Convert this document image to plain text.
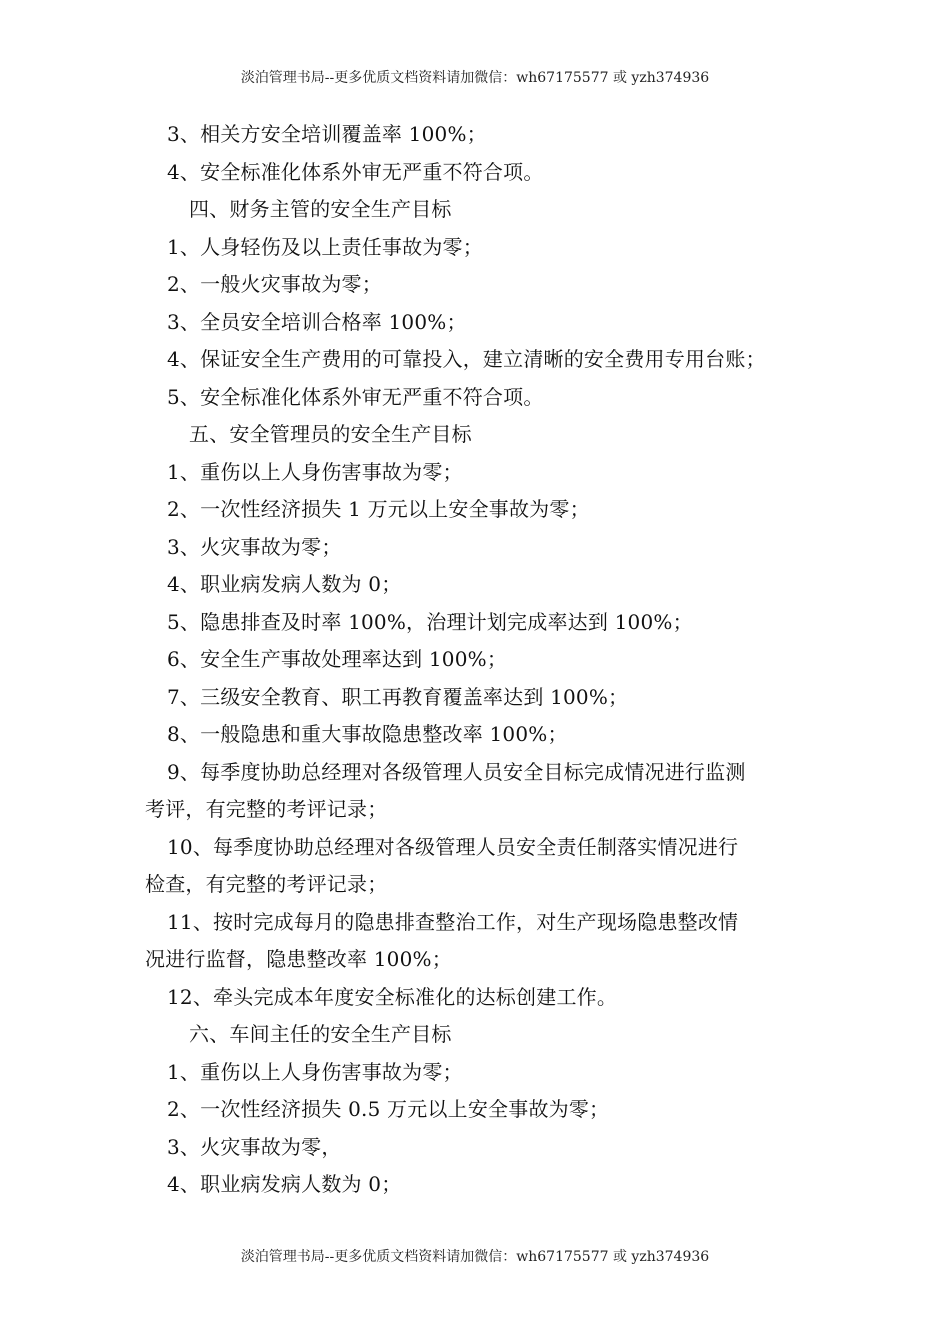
淡泊管理书局--更多优质文档资料请加微信：wh67175577 或 yzh374936
3、相关方安全培训覆盖率 100%；
4、安全标准化体系外审无严重不符合项。
四、财务主管的安全生产目标
1、人身轻伤及以上责任事故为零；
2、一般火灾事故为零；
3、全员安全培训合格率 100%；
4、保证安全生产费用的可靠投入，建立清晰的安全费用专用台账；
5、安全标准化体系外审无严重不符合项。
五、安全管理员的安全生产目标
1、重伤以上人身伤害事故为零；
2、一次性经济损失 1 万元以上安全事故为零；
3、火灾事故为零；
4、职业病发病人数为 0；
5、隐患排查及时率 100%，治理计划完成率达到 100%；
6、安全生产事故处理率达到 100%；
7、三级安全教育、职工再教育覆盖率达到 100%；
8、一般隐患和重大事故隐患整改率 100%；
9、每季度协助总经理对各级管理人员安全目标完成情况进行监测
考评，有完整的考评记录；
10、每季度协助总经理对各级管理人员安全责任制落实情况进行
检查，有完整的考评记录；
11、按时完成每月的隐患排查整治工作，对生产现场隐患整改情
况进行监督，隐患整改率 100%；
12、牵头完成本年度安全标准化的达标创建工作。
六、车间主任的安全生产目标
1、重伤以上人身伤害事故为零；
2、一次性经济损失 0.5 万元以上安全事故为零；
3、火灾事故为零，
4、职业病发病人数为 0；
淡泊管理书局--更多优质文档资料请加微信：wh67175577 或 yzh374936
